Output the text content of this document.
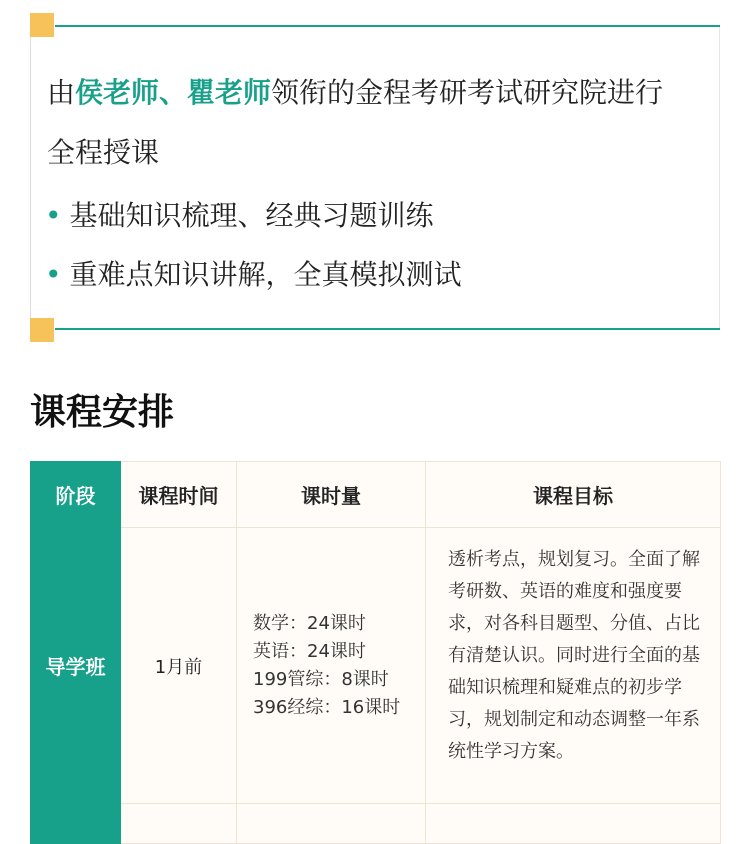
由侯老师、瞿老师领衔的金程考研考试研究院进行
全程授课
• 基础知识梳理、经典习题训练
• 重难点知识讲解，全真模拟测试
课程安排
阶段	课程时间	课时量	课程目标
导学班	1月前	数学：24课时
英语：24课时
199管综：8课时
396经综：16课时	透析考点，规划复习。全面了解考研数、英语的难度和强度要求，对各科目题型、分值、占比有清楚认识。同时进行全面的基础知识梳理和疑难点的初步学习，规划制定和动态调整一年系统性学习方案。
